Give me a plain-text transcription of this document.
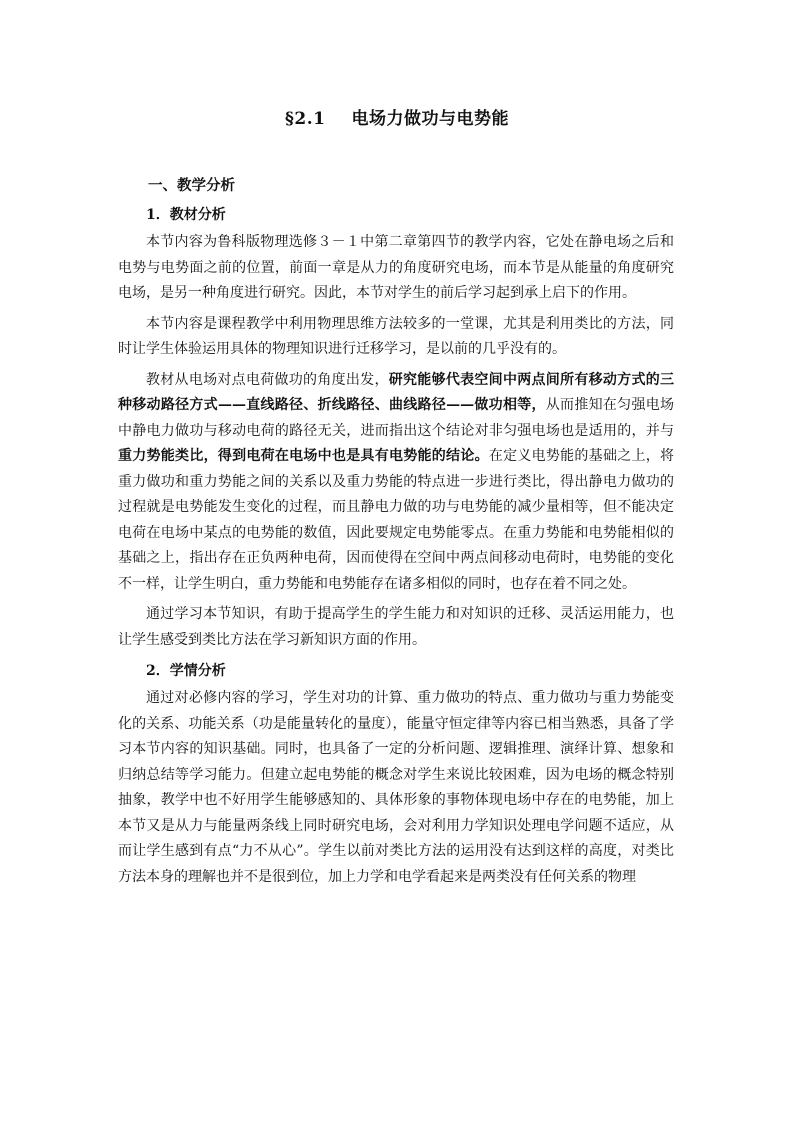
§2.1 电场力做功与电势能
一、教学分析
1．教材分析

本节内容为鲁科版物理选修３－１中第二章第四节的教学内容，它处在静电场之后和电势与电势面之前的位置，前面一章是从力的角度研究电场，而本节是从能量的角度研究电场，是另一种角度进行研究。因此，本节对学生的前后学习起到承上启下的作用。

本节内容是课程教学中利用物理思维方法较多的一堂课，尤其是利用类比的方法，同时让学生体验运用具体的物理知识进行迁移学习，是以前的几乎没有的。

教材从电场对点电荷做功的角度出发，研究能够代表空间中两点间所有移动方式的三种移动路径方式——直线路径、折线路径、曲线路径——做功相等，从而推知在匀强电场中静电力做功与移动电荷的路径无关，进而指出这个结论对非匀强电场也是适用的，并与重力势能类比，得到电荷在电场中也是具有电势能的结论。在定义电势能的基础之上，将重力做功和重力势能之间的关系以及重力势能的特点进一步进行类比，得出静电力做功的过程就是电势能发生变化的过程，而且静电力做的功与电势能的减少量相等，但不能决定电荷在电场中某点的电势能的数值，因此要规定电势能零点。在重力势能和电势能相似的基础之上，指出存在正负两种电荷，因而使得在空间中两点间移动电荷时，电势能的变化不一样，让学生明白，重力势能和电势能存在诸多相似的同时，也存在着不同之处。

通过学习本节知识，有助于提高学生的学生能力和对知识的迁移、灵活运用能力，也让学生感受到类比方法在学习新知识方面的作用。

2．学情分析

通过对必修内容的学习，学生对功的计算、重力做功的特点、重力做功与重力势能变化的关系、功能关系（功是能量转化的量度），能量守恒定律等内容已相当熟悉，具备了学习本节内容的知识基础。同时，也具备了一定的分析问题、逻辑推理、演绎计算、想象和归纳总结等学习能力。但建立起电势能的概念对学生来说比较困难，因为电场的概念特别抽象，教学中也不好用学生能够感知的、具体形象的事物体现电场中存在的电势能，加上本节又是从力与能量两条线上同时研究电场，会对利用力学知识处理电学问题不适应，从而让学生感到有点“力不从心”。学生以前对类比方法的运用没有达到这样的高度，对类比方法本身的理解也并不是很到位，加上力学和电学看起来是两类没有任何关系的物理
